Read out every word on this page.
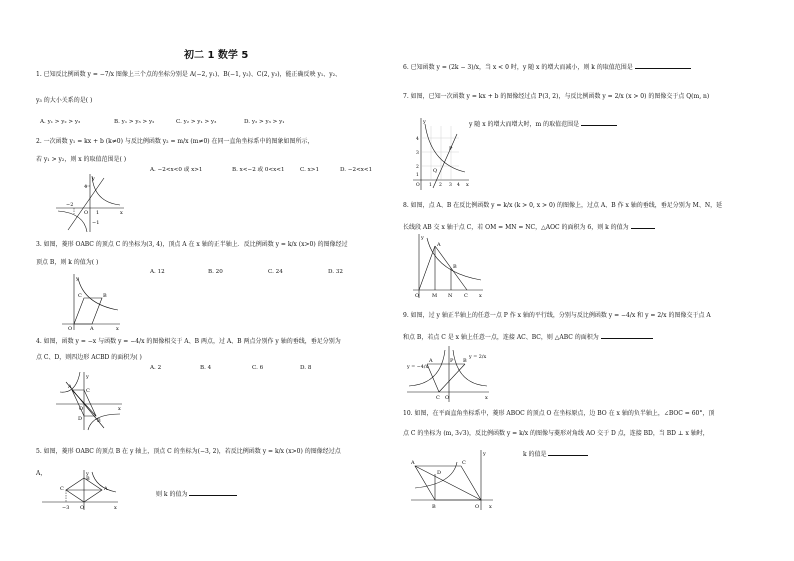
初二 1 数学 5
1. 已知反比例函数 y = −7/x 图像上三个点的坐标分别是 A(−2, y₁)、B(−1, y₂)、C(2, y₃)，能正确反映 y₁、y₂、
y₃ 的大小关系的是( )
A. y₁ > y₂ > y₃	B. y₁ > y₃ > y₂	C. y₂ > y₁ > y₃	D. y₂ > y₃ > y₁
2. 一次函数 y₁ = kx + b (k≠0) 与反比例函数 y₂ = m/x (m≠0) 在同一直角坐标系中的图象如图所示，
若 y₁ > y₂，则 x 的取值范围是( )
A. −2<x<0 或 x>1	B. x<−2 或 0<x<1	C. x>1	D. −2<x<1
y
4
−2
O 1	x
−1
3. 如图，菱形 OABC 的顶点 C 的坐标为(3, 4)，顶点 A 在 x 轴的正半轴上．反比例函数 y = k/x (x>0) 的图像经过
顶点 B，则 k 的值为( )
A. 12	B. 20	C. 24	D. 32
y
C	B
O	A	x
4. 如图，函数 y = −x 与函数 y = −4/x 的图像相交于 A、B 两点，过 A、B 两点分别作 y 轴的垂线，垂足分别为
点 C、D，则四边形 ACBD 的面积为( )
A. 2	B. 4	C. 6	D. 8
y
A
C
O	x
D	B
5. 如图，菱形 OABC 的顶点 B 在 y 轴上，顶点 C 的坐标为(−3, 2)，若反比例函数 y = k/x (x>0) 的图像经过点
A，	y
A
C
B
−3 O	x
则 k 的值为
6. 已知函数 y = (2k − 3)/x，当 x < 0 时，y 随 x 的增大而减小，则 k 的取值范围是
7. 如图，已知一次函数 y = kx + b 的图像经过点 P(3, 2)，与反比例函数 y = 2/x (x > 0) 的图像交于点 Q(m, n)
y 随 x 的增大而增大时，m 的取值范围是
y
4
3
2
1
P
Q
O 1 2 3 4 x
8. 如图，点 A、B 在反比例函数 y = k/x (k > 0, x > 0) 的图像上，过点 A、B 作 x 轴的垂线，垂足分别为 M、N，延
长线段 AB 交 x 轴于点 C，若 OM = MN = NC，△AOC 的面积为 6，则 k 的值为
y
A
B
O	M N C x
9. 如图，过 y 轴正半轴上的任意一点 P 作 x 轴的平行线，分别与反比例函数 y = −4/x 和 y = 2/x 的图像交于点 A
和点 B，若点 C 是 x 轴上任意一点，连接 AC、BC，则 △ABC 的面积为
y = −4/x
A	P B
y = 2/x
O
C	x
10. 如图，在平面直角坐标系中，菱形 ABOC 的顶点 O 在坐标原点，边 BO 在 x 轴的负半轴上，∠BOC = 60°，顶
点 C 的坐标为 (m, 3√3)，反比例函数 y = k/x 的图像与菱形对角线 AO 交于 D 点，连接 BD，当 BD ⊥ x 轴时，
k 的值是
y
A	C
D
B	O x
